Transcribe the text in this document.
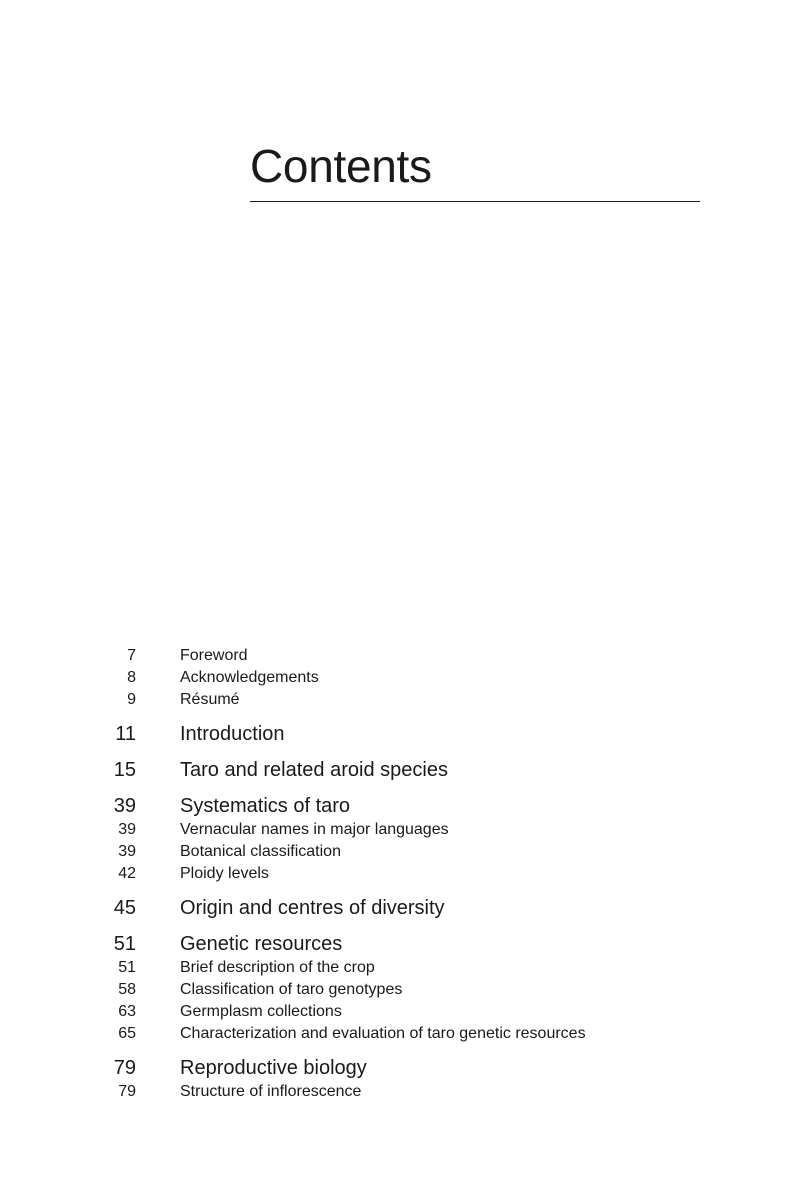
Contents
7	Foreword
8	Acknowledgements
9	Résumé
11 Introduction
15 Taro and related aroid species
39 Systematics of taro
39	Vernacular names in major languages
39	Botanical classification
42	Ploidy levels
45 Origin and centres of diversity
51 Genetic resources
51	Brief description of the crop
58	Classification of taro genotypes
63	Germplasm collections
65	Characterization and evaluation of taro genetic resources
79 Reproductive biology
79	Structure of inflorescence
